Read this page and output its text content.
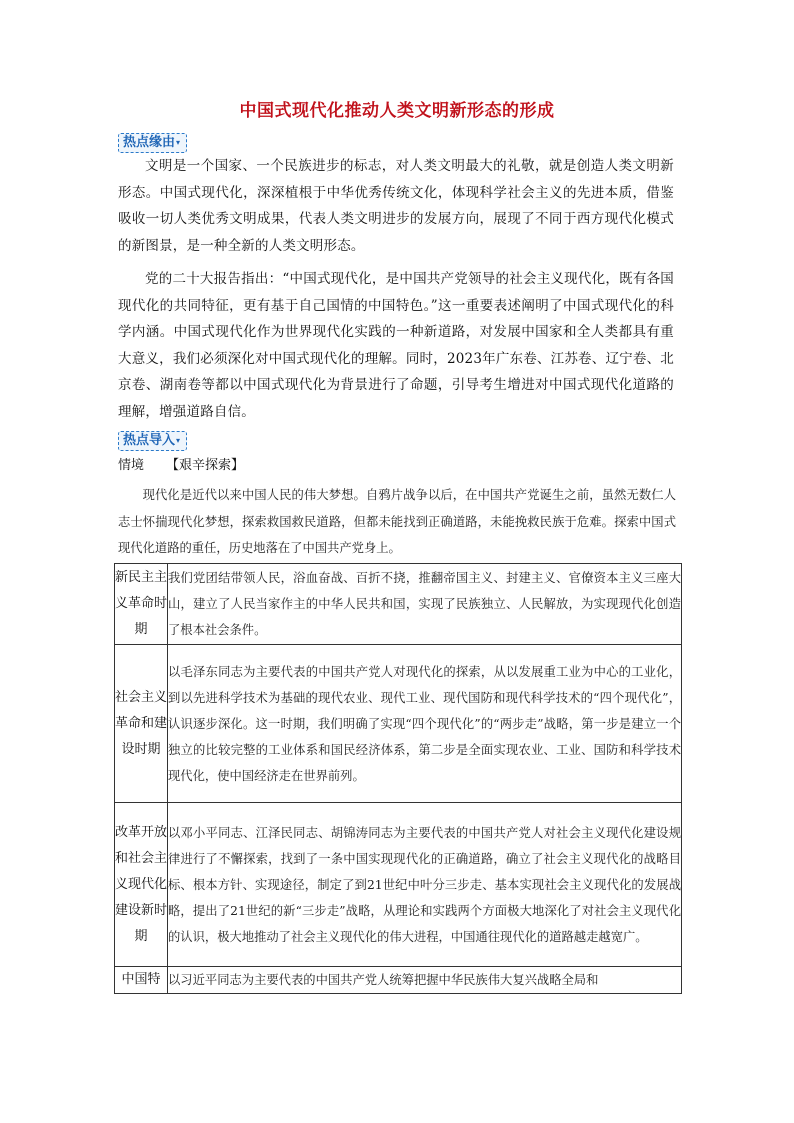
中国式现代化推动人类文明新形态的形成
热点缘由▾

文明是一个国家、一个民族进步的标志，对人类文明最大的礼敬，就是创造人类文明新形态。中国式现代化，深深植根于中华优秀传统文化，体现科学社会主义的先进本质，借鉴吸收一切人类优秀文明成果，代表人类文明进步的发展方向，展现了不同于西方现代化模式的新图景，是一种全新的人类文明形态。

党的二十大报告指出：“中国式现代化，是中国共产党领导的社会主义现代化，既有各国现代化的共同特征，更有基于自己国情的中国特色。”这一重要表述阐明了中国式现代化的科学内涵。中国式现代化作为世界现代化实践的一种新道路，对发展中国家和全人类都具有重大意义，我们必须深化对中国式现代化的理解。同时，2023年广东卷、江苏卷、辽宁卷、北京卷、湖南卷等都以中国式现代化为背景进行了命题，引导考生增进对中国式现代化道路的理解，增强道路自信。

热点导入▾
情境 【艰辛探索】

现代化是近代以来中国人民的伟大梦想。自鸦片战争以后，在中国共产党诞生之前，虽然无数仁人志士怀揣现代化梦想，探索救国救民道路，但都未能找到正确道路，未能挽救民族于危难。探索中国式现代化道路的重任，历史地落在了中国共产党身上。

新民主主义革命时期	我们党团结带领人民，浴血奋战、百折不挠，推翻帝国主义、封建主义、官僚资本主义三座大山，建立了人民当家作主的中华人民共和国，实现了民族独立、人民解放，为实现现代化创造了根本社会条件。
社会主义革命和建设时期	以毛泽东同志为主要代表的中国共产党人对现代化的探索，从以发展重工业为中心的工业化，到以先进科学技术为基础的现代农业、现代工业、现代国防和现代科学技术的“四个现代化”，认识逐步深化。这一时期，我们明确了实现“四个现代化”的“两步走”战略，第一步是建立一个独立的比较完整的工业体系和国民经济体系，第二步是全面实现农业、工业、国防和科学技术现代化，使中国经济走在世界前列。
改革开放和社会主义现代化建设新时期	以邓小平同志、江泽民同志、胡锦涛同志为主要代表的中国共产党人对社会主义现代化建设规律进行了不懈探索，找到了一条中国实现现代化的正确道路，确立了社会主义现代化的战略目标、根本方针、实现途径，制定了到21世纪中叶分三步走、基本实现社会主义现代化的发展战略，提出了21世纪的新“三步走”战略，从理论和实践两个方面极大地深化了对社会主义现代化的认识，极大地推动了社会主义现代化的伟大进程，中国通往现代化的道路越走越宽广。
中国特	以习近平同志为主要代表的中国共产党人统筹把握中华民族伟大复兴战略全局和
